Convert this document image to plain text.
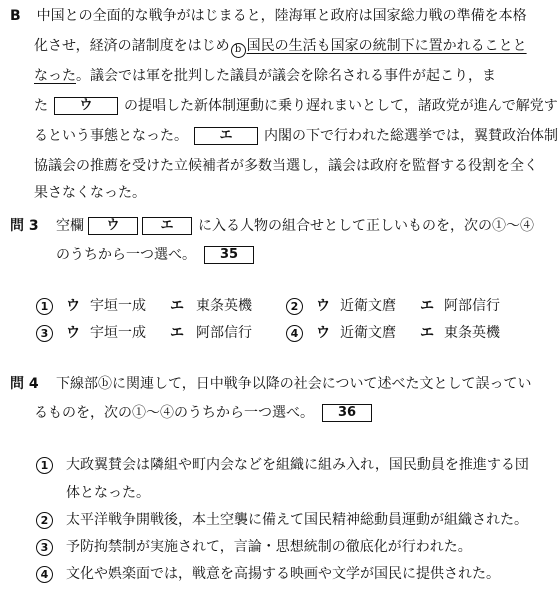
B 中国との全面的な戦争がはじまると，陸海軍と政府は国家総力戦の準備を本格
化させ，経済の諸制度をはじめ b 国民の生活も国家の統制下に置かれることと
なった。議会では軍を批判した議員が議会を除名される事件が起こり，ま
た ウ の提唱した新体制運動に乗り遅れまいとして，諸政党が進んで解党す
るという事態となった。 エ 内閣の下で行われた総選挙では，翼賛政治体制
協議会の推薦を受けた立候補者が多数当選し，議会は政府を監督する役割を全く
果さなくなった。
問 3 空欄 ウ	エ に入る人物の組合せとして正しいものを，次の①～④
のうちから一つ選べ。 35
1	ウ 宇垣一成 エ 東条英機	2	ウ 近衛文麿 エ 阿部信行
3	ウ 宇垣一成 エ 阿部信行	4	ウ 近衛文麿 エ 東条英機
問 4 下線部ⓑに関連して，日中戦争以降の社会について述べた文として誤ってい
るものを，次の①～④のうちから一つ選べ。 36
1	大政翼賛会は隣組や町内会などを組織に組み入れ，国民動員を推進する団
体となった。
2	太平洋戦争開戦後，本土空襲に備えて国民精神総動員運動が組織された。
3	予防拘禁制が実施されて，言論・思想統制の徹底化が行われた。
4	文化や娯楽面では，戦意を高揚する映画や文学が国民に提供された。
